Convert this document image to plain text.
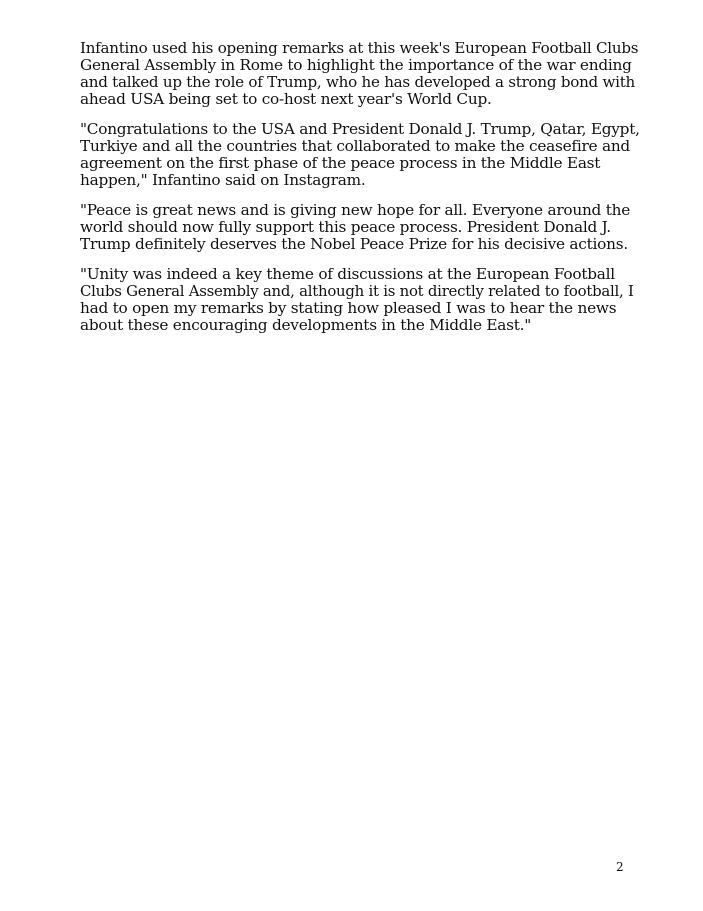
Infantino used his opening remarks at this week's European Football Clubs
General Assembly in Rome to highlight the importance of the war ending
and talked up the role of Trump, who he has developed a strong bond with
ahead USA being set to co-host next year's World Cup.

"Congratulations to the USA and President Donald J. Trump, Qatar, Egypt,
Turkiye and all the countries that collaborated to make the ceasefire and
agreement on the first phase of the peace process in the Middle East
happen," Infantino said on Instagram.

"Peace is great news and is giving new hope for all. Everyone around the
world should now fully support this peace process. President Donald J.
Trump definitely deserves the Nobel Peace Prize for his decisive actions.

"Unity was indeed a key theme of discussions at the European Football
Clubs General Assembly and, although it is not directly related to football, I
had to open my remarks by stating how pleased I was to hear the news
about these encouraging developments in the Middle East."

2
